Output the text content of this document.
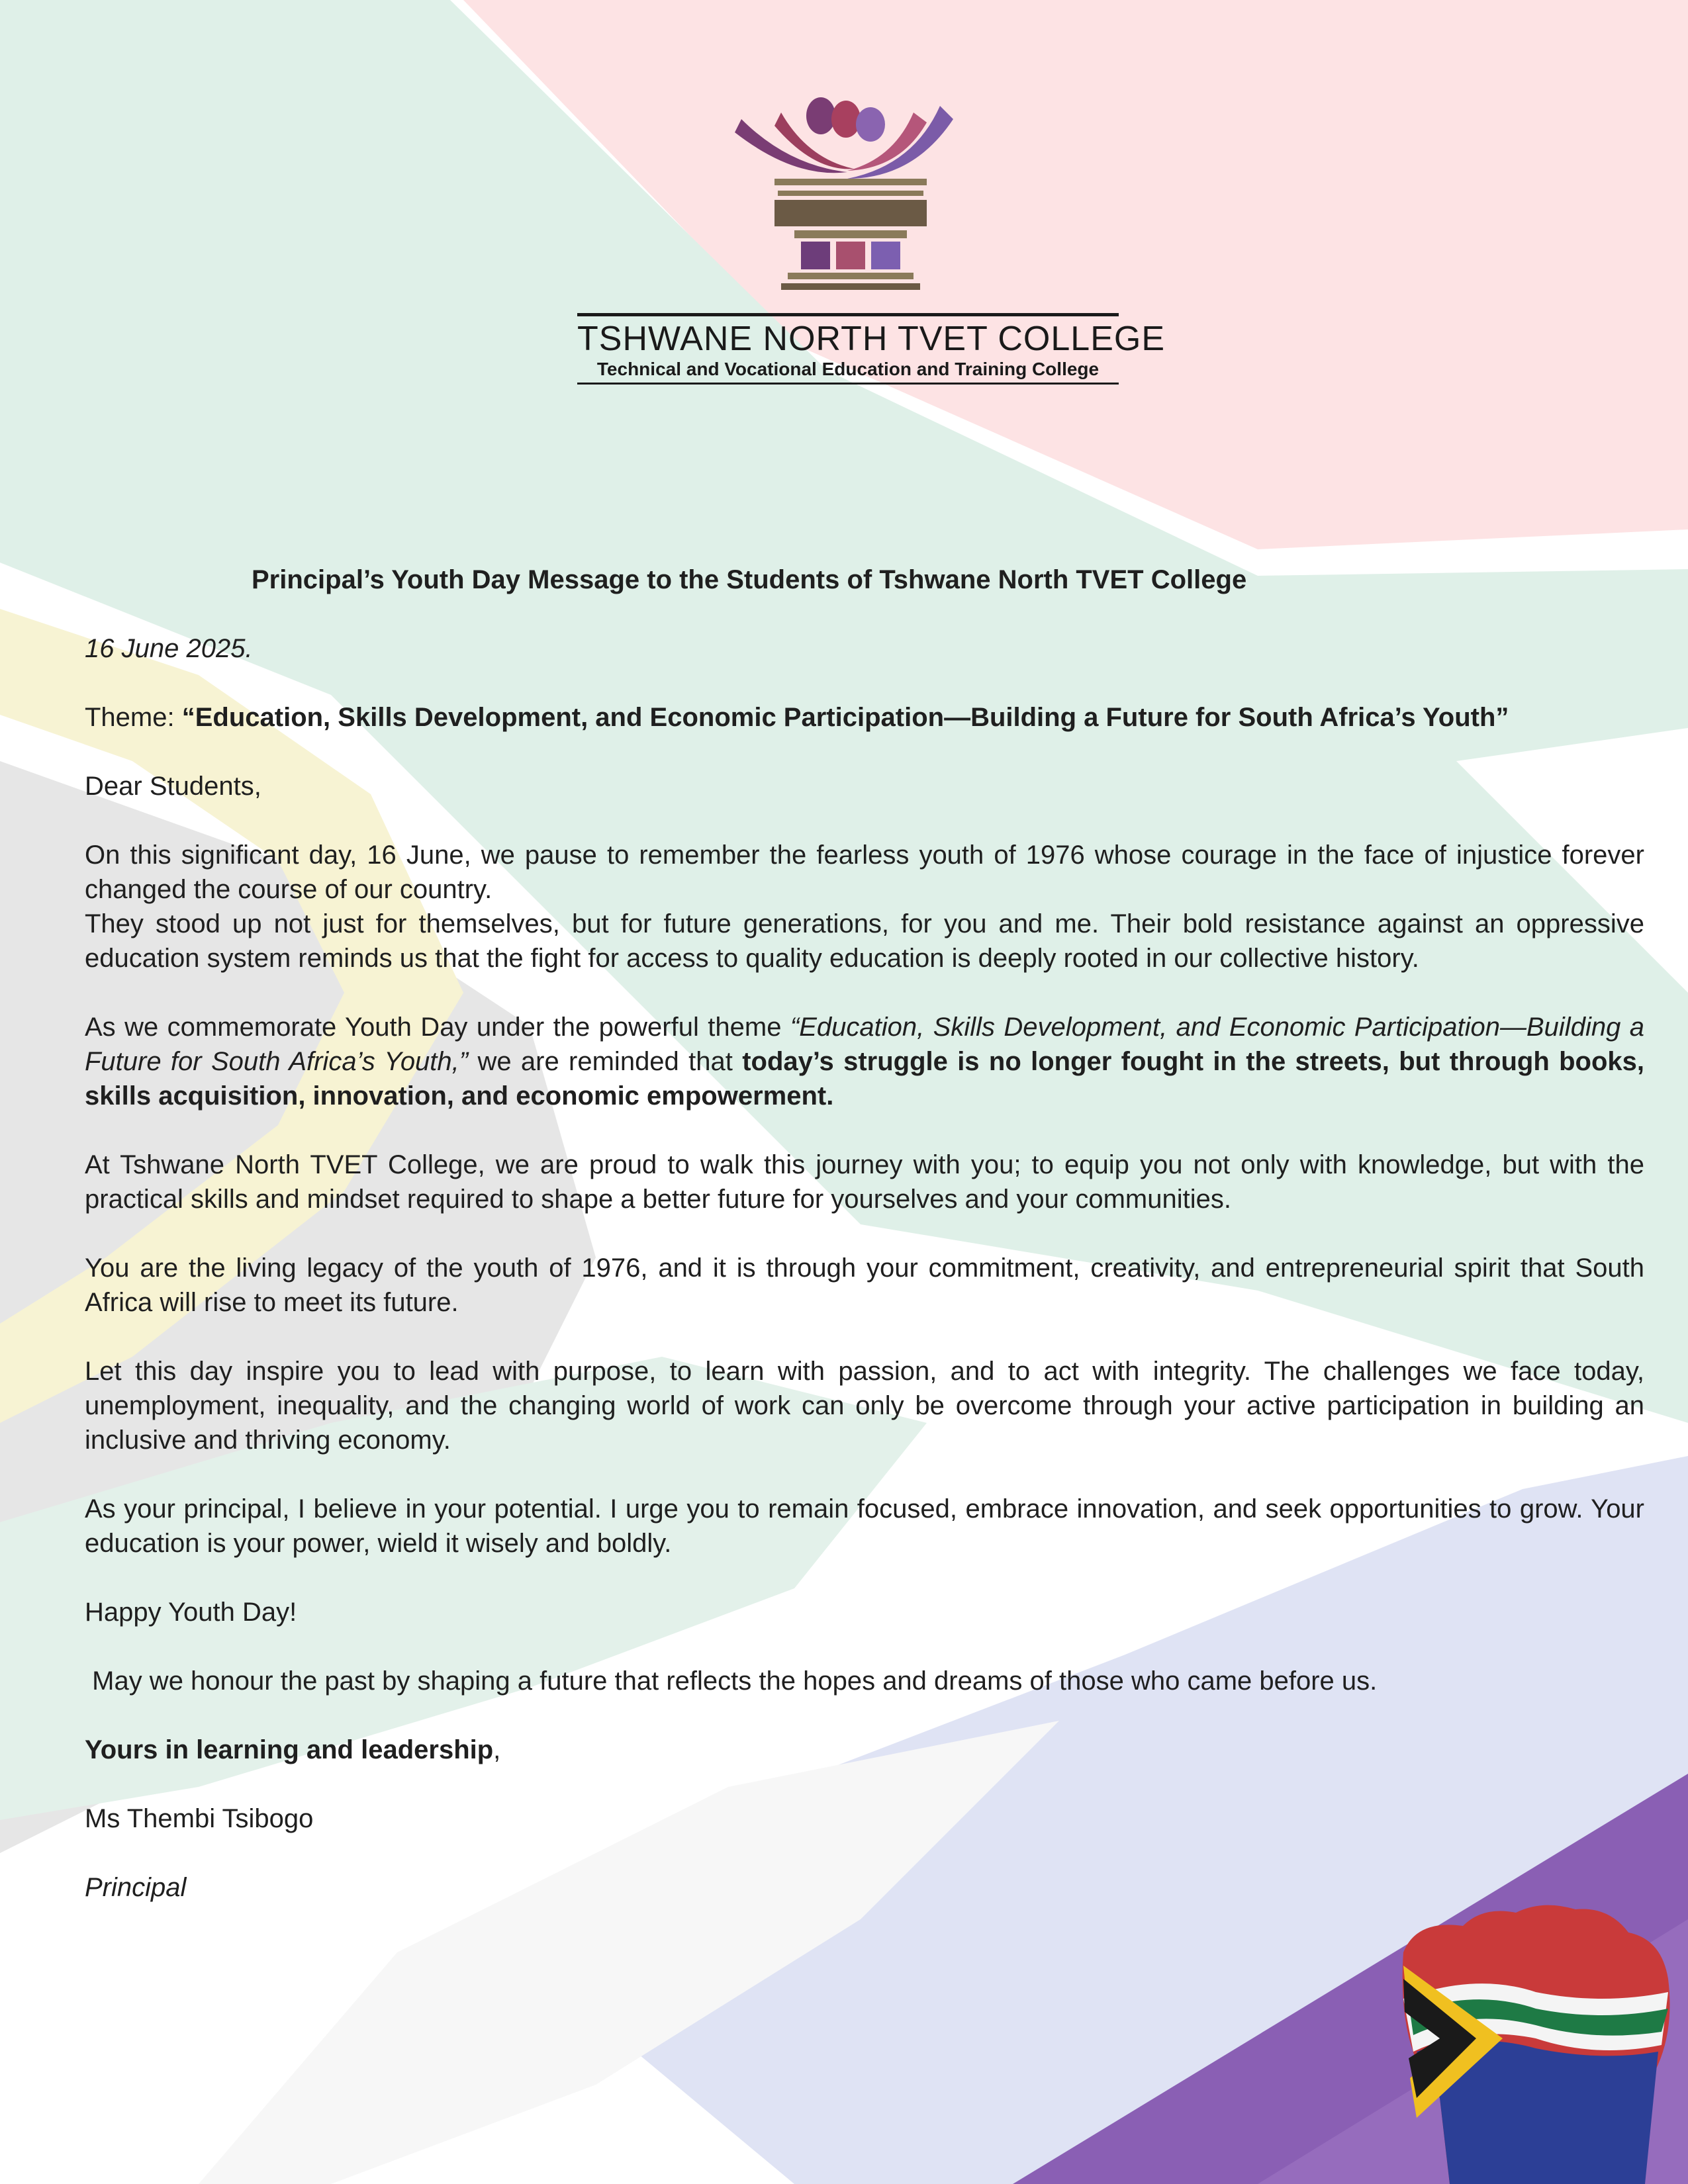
TSHWANE NORTH TVET COLLEGE
Technical and Vocational Education and Training College

Principal’s Youth Day Message to the Students of Tshwane North TVET College

16 June 2025.

Theme: “Education, Skills Development, and Economic Participation—Building a Future for South Africa’s Youth”

Dear Students,

On this significant day, 16 June, we pause to remember the fearless youth of 1976 whose courage in the face of injustice forever changed the course of our country.

They stood up not just for themselves, but for future generations, for you and me. Their bold resistance against an oppressive education system reminds us that the fight for access to quality education is deeply rooted in our collective history.

As we commemorate Youth Day under the powerful theme “Education, Skills Development, and Economic Participation—Building a Future for South Africa’s Youth,” we are reminded that today’s struggle is no longer fought in the streets, but through books, skills acquisition, innovation, and economic empowerment.

At Tshwane North TVET College, we are proud to walk this journey with you; to equip you not only with knowledge, but with the practical skills and mindset required to shape a better future for yourselves and your communities.

You are the living legacy of the youth of 1976, and it is through your commitment, creativity, and entrepreneurial spirit that South Africa will rise to meet its future.

Let this day inspire you to lead with purpose, to learn with passion, and to act with integrity. The challenges we face today, unemployment, inequality, and the changing world of work can only be overcome through your active participation in building an inclusive and thriving economy.

As your principal, I believe in your potential. I urge you to remain focused, embrace innovation, and seek opportunities to grow. Your education is your power, wield it wisely and boldly.

Happy Youth Day!

May we honour the past by shaping a future that reflects the hopes and dreams of those who came before us.

Yours in learning and leadership,

Ms Thembi Tsibogo

Principal
